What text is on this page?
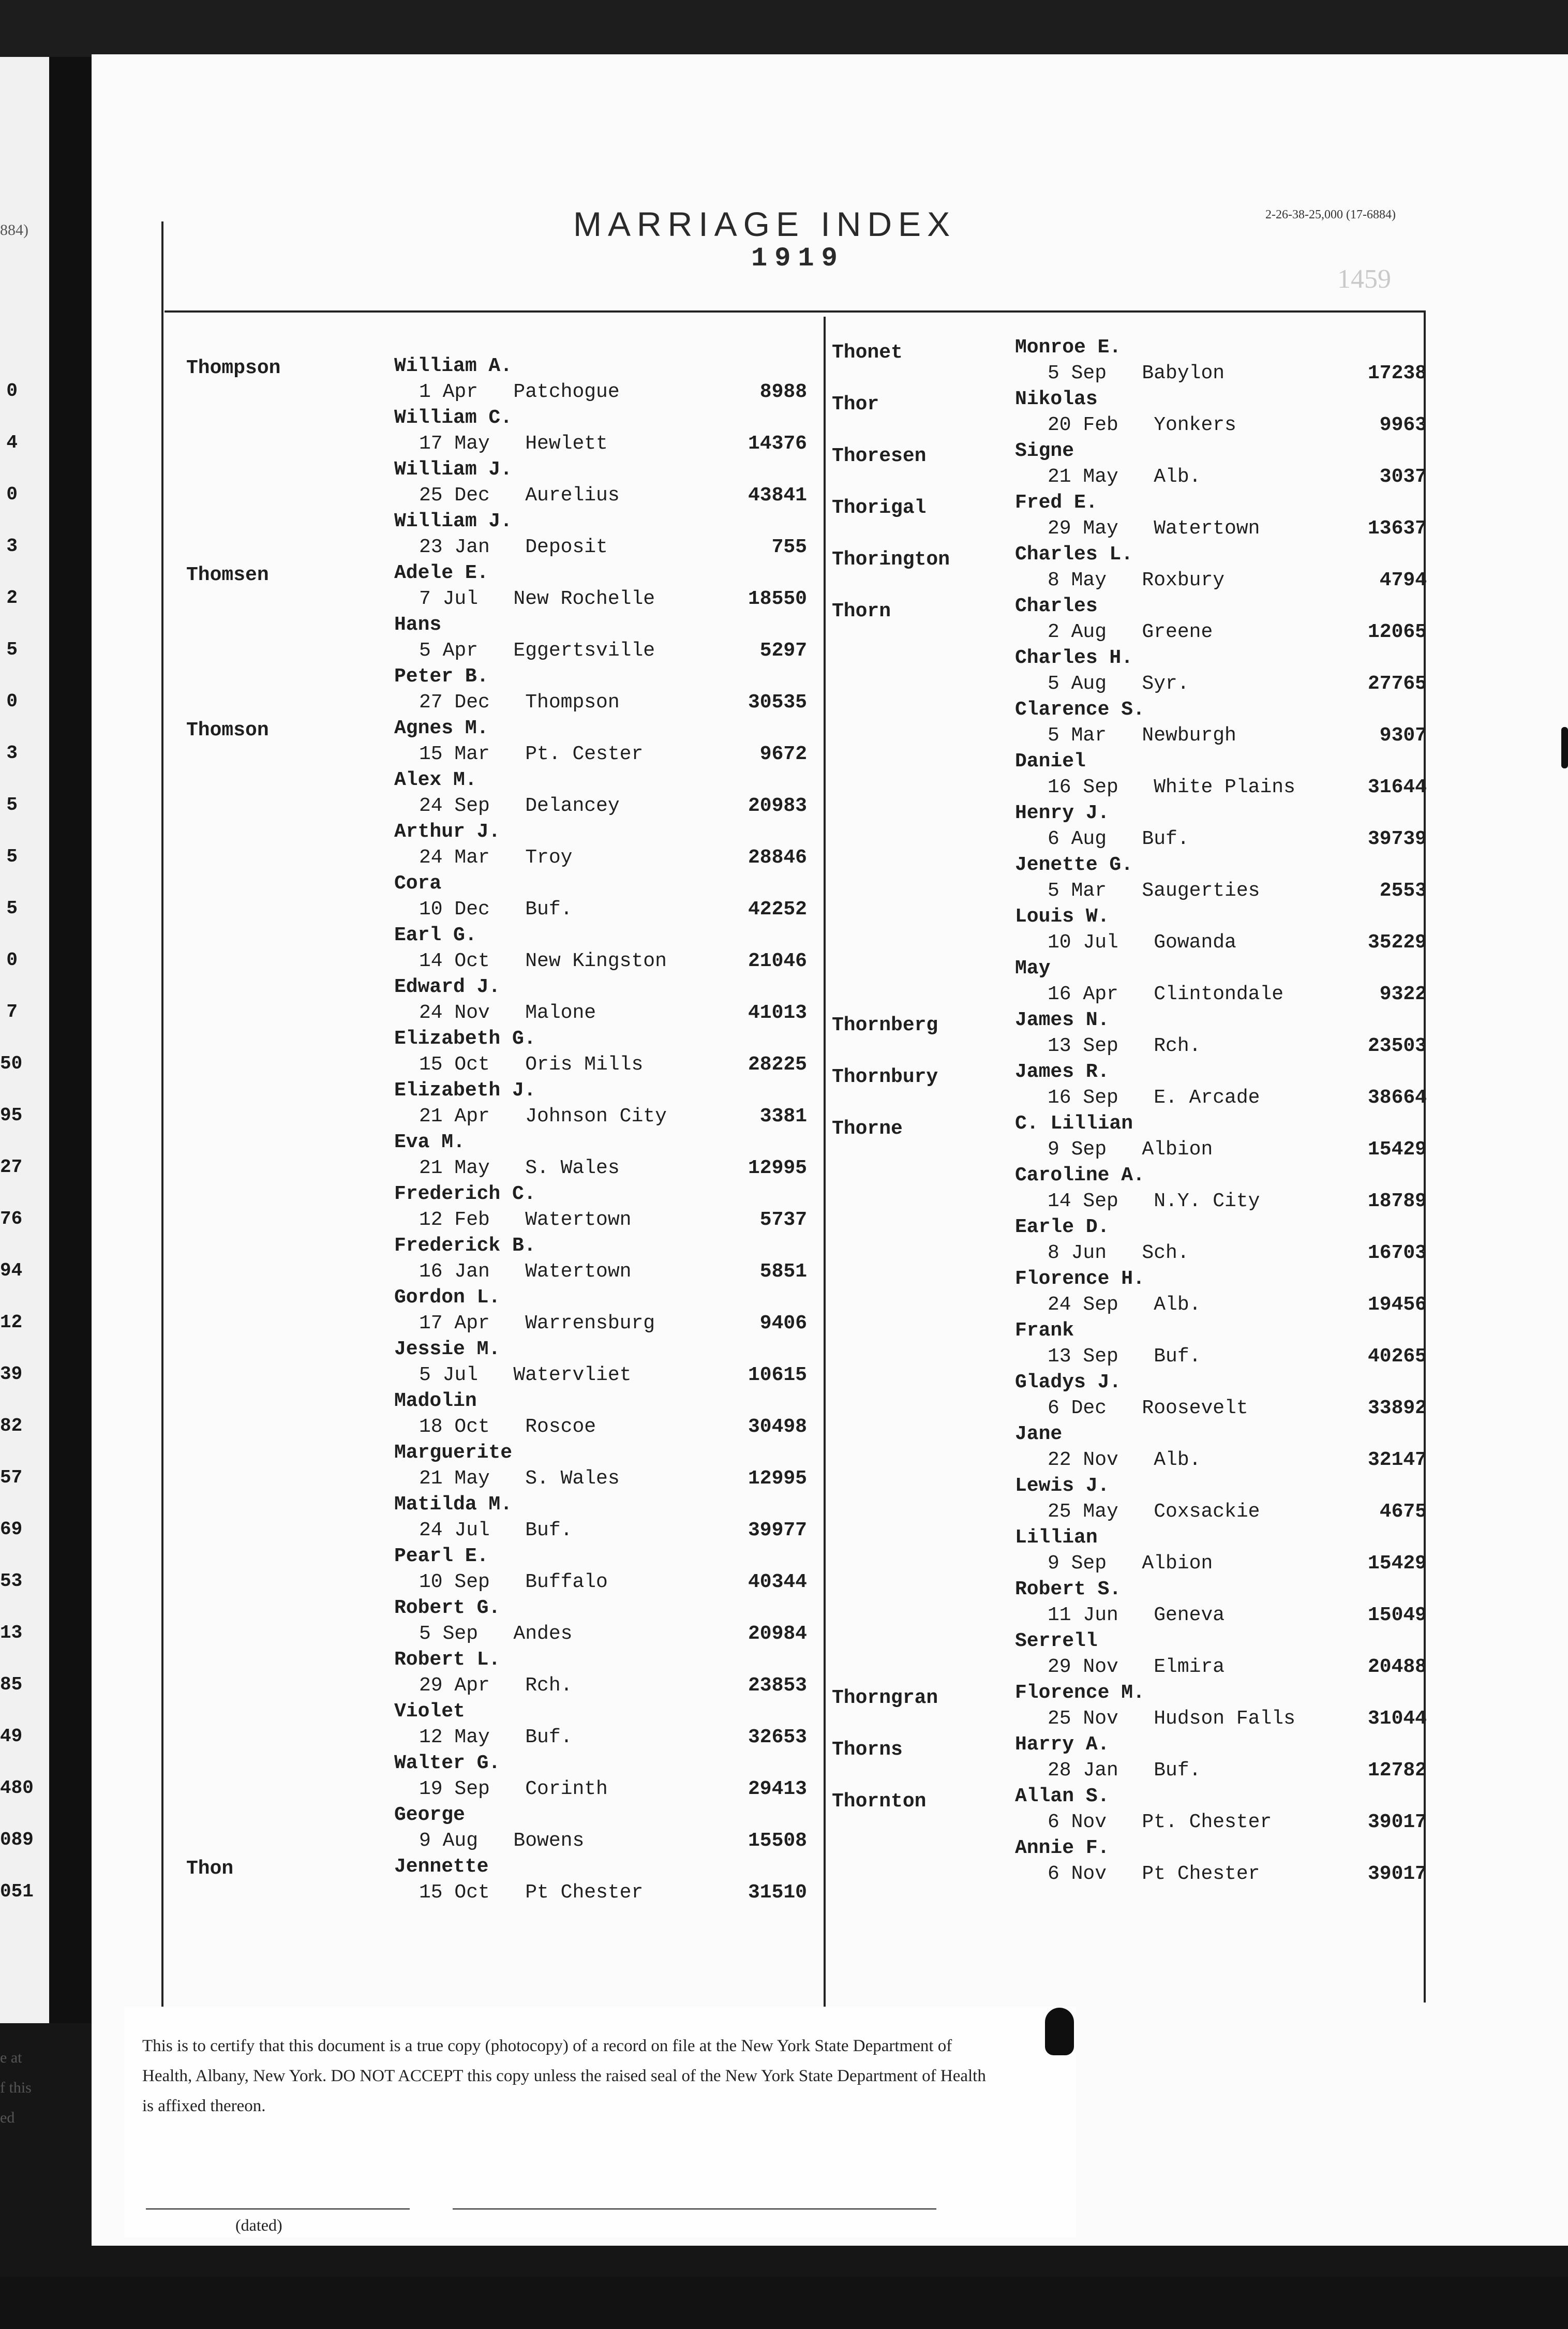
884)
0
4
0
3
2
5
0
3
5
5
5
0
7
50
95
27
76
94
12
39
82
57
69
53
13
85
49
480
089
051
e at
f this
ed
MARRIAGE INDEX
1919
2-26-38-25,000 (17-6884)
1459
Thompson	William A.
1 Apr   Patchogue	8988
William C.
17 May   Hewlett	14376
William J.
25 Dec   Aurelius	43841
William J.
23 Jan   Deposit	755
Thomsen	Adele E.
7 Jul   New Rochelle	18550
Hans
5 Apr   Eggertsville	5297
Peter B.
27 Dec   Thompson	30535
Thomson	Agnes M.
15 Mar   Pt. Cester	9672
Alex M.
24 Sep   Delancey	20983
Arthur J.
24 Mar   Troy	28846
Cora
10 Dec   Buf.	42252
Earl G.
14 Oct   New Kingston	21046
Edward J.
24 Nov   Malone	41013
Elizabeth G.
15 Oct   Oris Mills	28225
Elizabeth J.
21 Apr   Johnson City	3381
Eva M.
21 May   S. Wales	12995
Frederich C.
12 Feb   Watertown	5737
Frederick B.
16 Jan   Watertown	5851
Gordon L.
17 Apr   Warrensburg	9406
Jessie M.
5 Jul   Watervliet	10615
Madolin
18 Oct   Roscoe	30498
Marguerite
21 May   S. Wales	12995
Matilda M.
24 Jul   Buf.	39977
Pearl E.
10 Sep   Buffalo	40344
Robert G.
5 Sep   Andes	20984
Robert L.
29 Apr   Rch.	23853
Violet
12 May   Buf.	32653
Walter G.
19 Sep   Corinth	29413
George
9 Aug   Bowens	15508
Thon	Jennette
15 Oct   Pt Chester	31510
Thonet	Monroe E.
5 Sep   Babylon	17238
Thor	Nikolas
20 Feb   Yonkers	9963
Thoresen	Signe
21 May   Alb.	3037
Thorigal	Fred E.
29 May   Watertown	13637
Thorington	Charles L.
8 May   Roxbury	4794
Thorn	Charles
2 Aug   Greene	12065
Charles H.
5 Aug   Syr.	27765
Clarence S.
5 Mar   Newburgh	9307
Daniel
16 Sep   White Plains	31644
Henry J.
6 Aug   Buf.	39739
Jenette G.
5 Mar   Saugerties	2553
Louis W.
10 Jul   Gowanda	35229
May
16 Apr   Clintondale	9322
Thornberg	James N.
13 Sep   Rch.	23503
Thornbury	James R.
16 Sep   E. Arcade	38664
Thorne	C. Lillian
9 Sep   Albion	15429
Caroline A.
14 Sep   N.Y. City	18789
Earle D.
8 Jun   Sch.	16703
Florence H.
24 Sep   Alb.	19456
Frank
13 Sep   Buf.	40265
Gladys J.
6 Dec   Roosevelt	33892
Jane
22 Nov   Alb.	32147
Lewis J.
25 May   Coxsackie	4675
Lillian
9 Sep   Albion	15429
Robert S.
11 Jun   Geneva	15049
Serrell
29 Nov   Elmira	20488
Thorngran	Florence M.
25 Nov   Hudson Falls	31044
Thorns	Harry A.
28 Jan   Buf.	12782
Thornton	Allan S.
6 Nov   Pt. Chester	39017
Annie F.
6 Nov   Pt Chester	39017
This is to certify that this document is a true copy (photocopy) of a record on file at the New York State Department of Health, Albany, New York. DO NOT ACCEPT this copy unless the raised seal of the New York State Department of Health is affixed thereon.
(dated)
